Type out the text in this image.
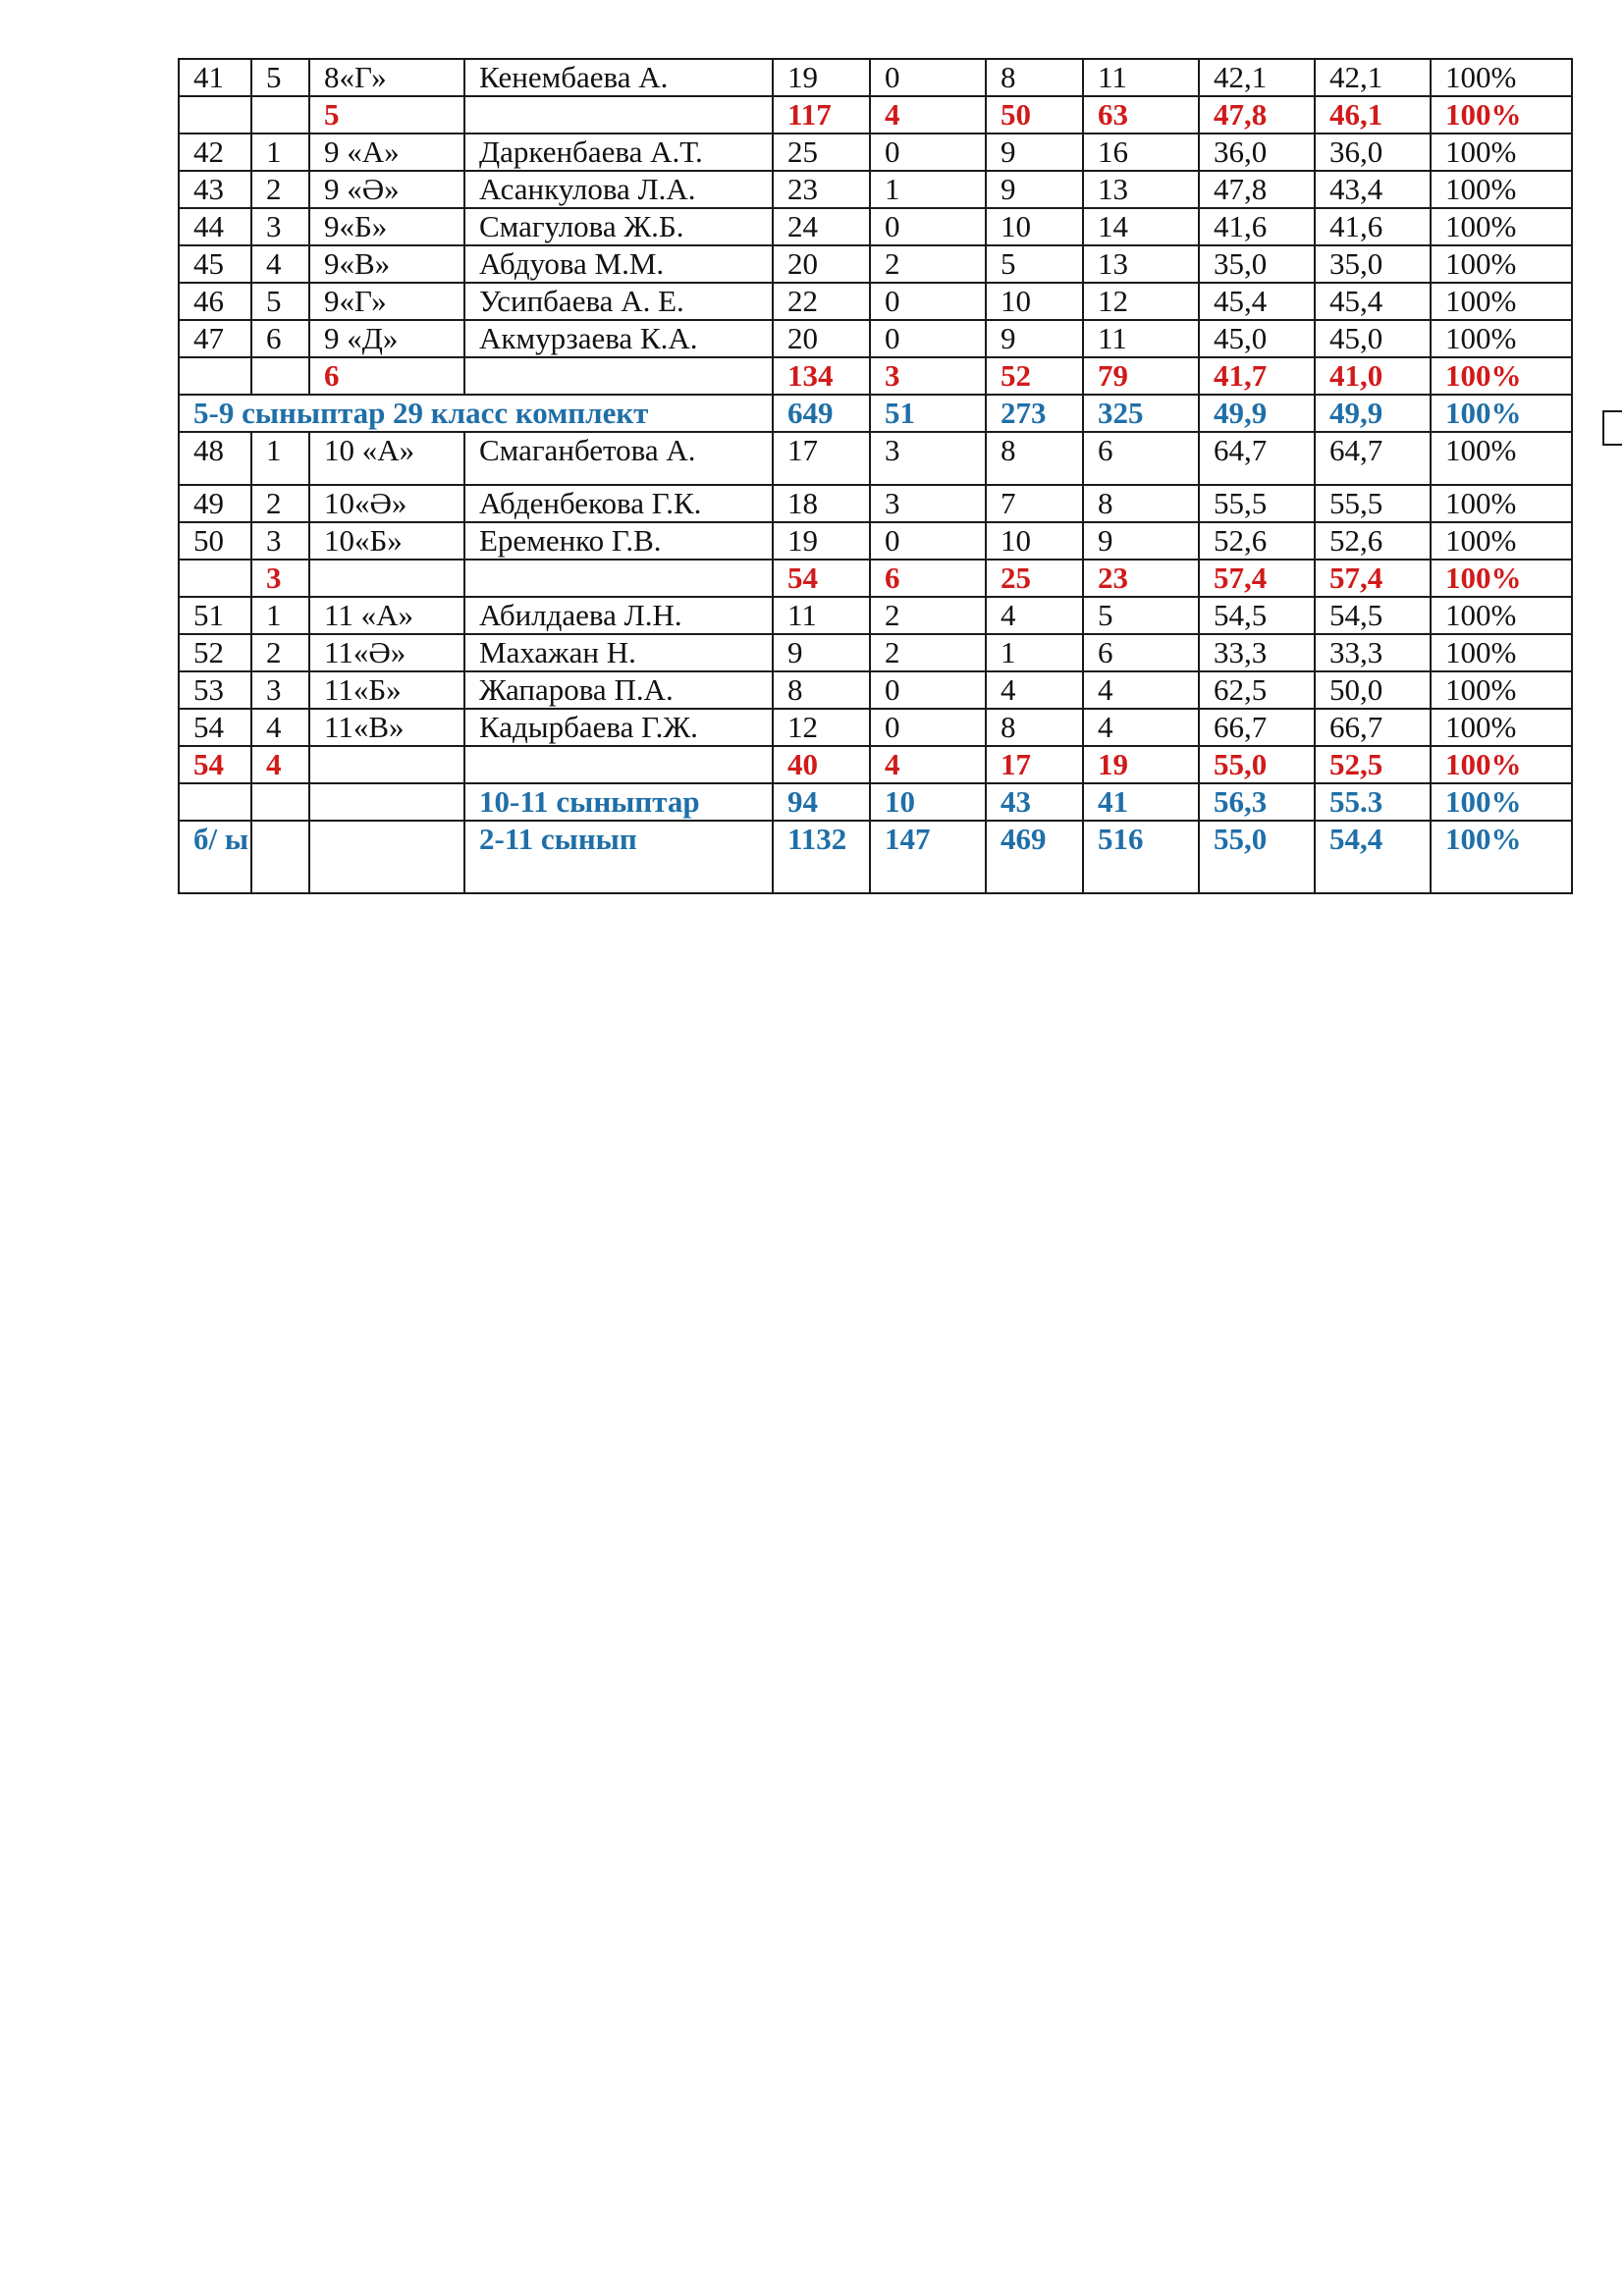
41	5	8«Г»	Кенембаева А.	19	0	8	11	42,1	42,1	100%
		5		117	4	50	63	47,8	46,1	100%
42	1	9 «А»	Даркенбаева А.Т.	25	0	9	16	36,0	36,0	100%
43	2	9 «Ә»	Асанкулова Л.А.	23	1	9	13	47,8	43,4	100%
44	3	9«Б»	Смагулова Ж.Б.	24	0	10	14	41,6	41,6	100%
45	4	9«В»	Абдуова М.М.	20	2	5	13	35,0	35,0	100%
46	5	9«Г»	Усипбаева А. Е.	22	0	10	12	45,4	45,4	100%
47	6	9 «Д»	Акмурзаева К.А.	20	0	9	11	45,0	45,0	100%
		6		134	3	52	79	41,7	41,0	100%
5-9 сыныптар 29 класс комплект				649	51	273	325	49,9	49,9	100%
48	1	10 «А»	Смаганбетова А.	17	3	8	6	64,7	64,7	100%
49	2	10«Ә»	Абденбекова Г.К.	18	3	7	8	55,5	55,5	100%
50	3	10«Б»	Еременко Г.В.	19	0	10	9	52,6	52,6	100%
	3			54	6	25	23	57,4	57,4	100%
51	1	11 «А»	Абилдаева Л.Н.	11	2	4	5	54,5	54,5	100%
52	2	11«Ә»	Махажан Н.	9	2	1	6	33,3	33,3	100%
53	3	11«Б»	Жапарова П.А.	8	0	4	4	62,5	50,0	100%
54	4	11«В»	Кадырбаева Г.Ж.	12	0	8	4	66,7	66,7	100%
54	4			40	4	17	19	55,0	52,5	100%
			10-11 сыныптар	94	10	43	41	56,3	55.3	100%
б/ ы			2-11 сынып	1132	147	469	516	55,0	54,4	100%
